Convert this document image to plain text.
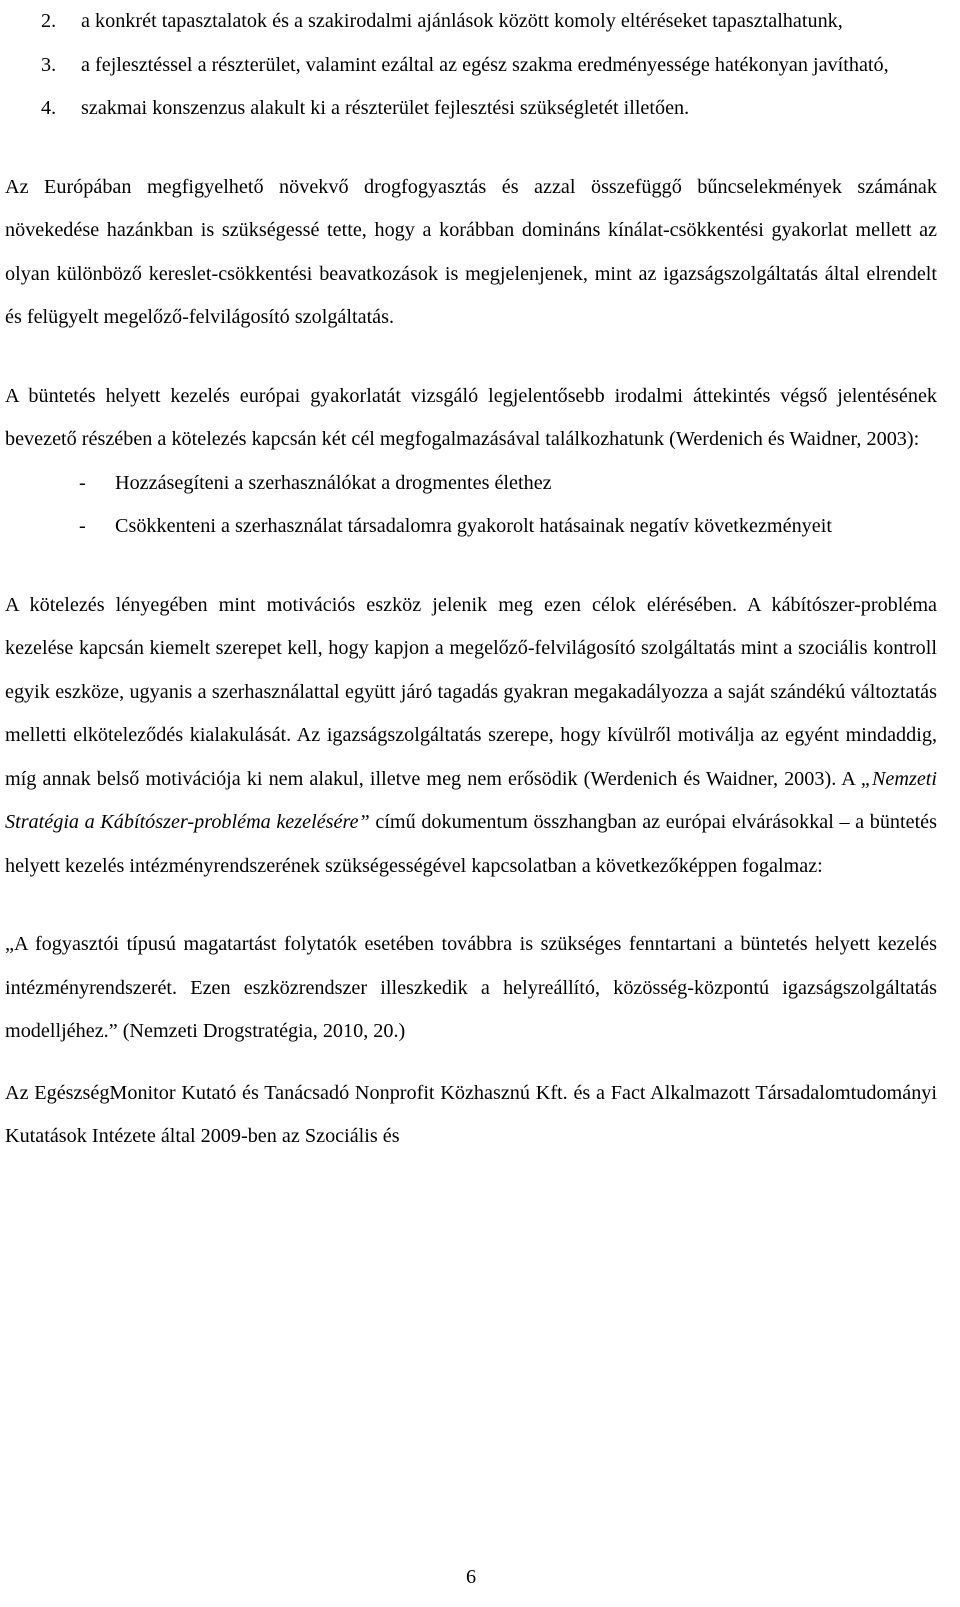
2. a konkrét tapasztalatok és a szakirodalmi ajánlások között komoly eltéréseket tapasztalhatunk,
3. a fejlesztéssel a részterület, valamint ezáltal az egész szakma eredményessége hatékonyan javítható,
4. szakmai konszenzus alakult ki a részterület fejlesztési szükségletét illetően.

Az Európában megfigyelhető növekvő drogfogyasztás és azzal összefüggő bűncselekmények számának növekedése hazánkban is szükségessé tette, hogy a korábban domináns kínálat-csökkentési gyakorlat mellett az olyan különböző kereslet-csökkentési beavatkozások is megjelenjenek, mint az igazságszolgáltatás által elrendelt és felügyelt megelőző-felvilágosító szolgáltatás.

A büntetés helyett kezelés európai gyakorlatát vizsgáló legjelentősebb irodalmi áttekintés végső jelentésének bevezető részében a kötelezés kapcsán két cél megfogalmazásával találkozhatunk (Werdenich és Waidner, 2003):

- Hozzásegíteni a szerhasználókat a drogmentes élethez
- Csökkenteni a szerhasználat társadalomra gyakorolt hatásainak negatív következményeit

A kötelezés lényegében mint motivációs eszköz jelenik meg ezen célok elérésében. A kábítószer-probléma kezelése kapcsán kiemelt szerepet kell, hogy kapjon a megelőző-felvilágosító szolgáltatás mint a szociális kontroll egyik eszköze, ugyanis a szerhasználattal együtt járó tagadás gyakran megakadályozza a saját szándékú változtatás melletti elköteleződés kialakulását. Az igazságszolgáltatás szerepe, hogy kívülről motiválja az egyént mindaddig, míg annak belső motivációja ki nem alakul, illetve meg nem erősödik (Werdenich és Waidner, 2003). A „Nemzeti Stratégia a Kábítószer-probléma kezelésére” című dokumentum összhangban az európai elvárásokkal – a büntetés helyett kezelés intézményrendszerének szükségességével kapcsolatban a következőképpen fogalmaz:

„A fogyasztói típusú magatartást folytatók esetében továbbra is szükséges fenntartani a büntetés helyett kezelés intézményrendszerét. Ezen eszközrendszer illeszkedik a helyreállító, közösség-központú igazságszolgáltatás modelljéhez.” (Nemzeti Drogstratégia, 2010, 20.)

Az EgészségMonitor Kutató és Tanácsadó Nonprofit Közhasznú Kft. és a Fact Alkalmazott Társadalomtudományi Kutatások Intézete által 2009-ben az Szociális és

6
